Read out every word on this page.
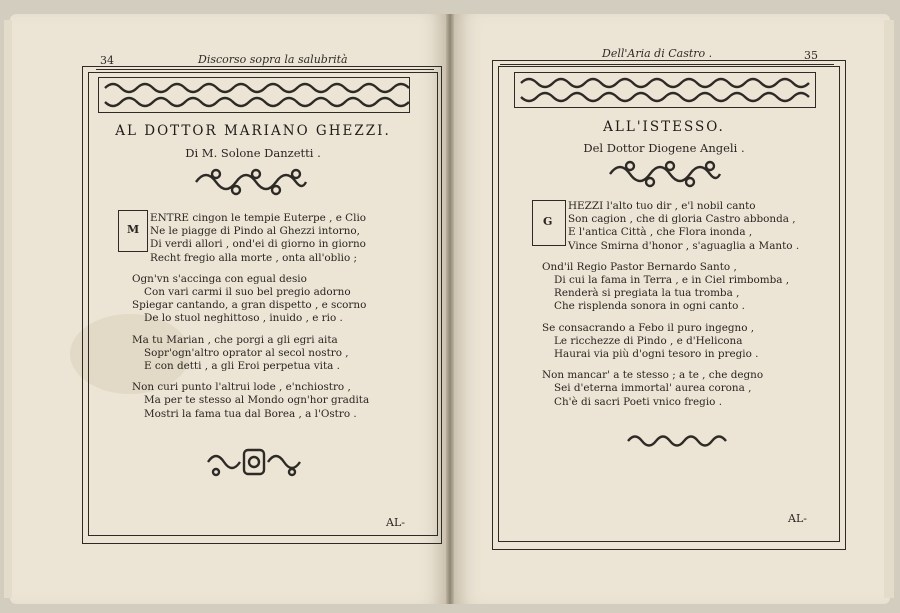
34	Discorso sopra la salubrità
AL DOTTOR MARIANO GHEZZI.
Di M. Solone Danzetti .
M
ENTRE cingon le tempie Euterpe , e Clio
Ne le piagge di Pindo al Ghezzi intorno,
Di verdi allori , ond'ei di giorno in giorno
Recht fregio alla morte , onta all'oblio ;
Ogn'vn s'accinga con egual desio
Con vari carmi il suo bel pregio adorno
Spiegar cantando, a gran dispetto , e scorno
De lo stuol neghittoso , inuido , e rio .
Ma tu Marian , che porgi a gli egri aita
Sopr'ogn'altro oprator al secol nostro ,
E con detti , a gli Eroi perpetua vita .
Non curi punto l'altrui lode , e'nchiostro ,
Ma per te stesso al Mondo ogn'hor gradita
Mostri la fama tua dal Borea , a l'Ostro .
AL-
Dell'Aria di Castro .	35
ALL'ISTESSO.
Del Dottor Diogene Angeli .
G
HEZZI l'alto tuo dir , e'l nobil canto
Son cagion , che di gloria Castro abbonda ,
E l'antica Città , che Flora inonda ,
Vince Smirna d'honor , s'aguaglia a Manto .
Ond'il Regio Pastor Bernardo Santo ,
Di cui la fama in Terra , e in Ciel rimbomba ,
Renderà si pregiata la tua tromba ,
Che risplenda sonora in ogni canto .
Se consacrando a Febo il puro ingegno ,
Le ricchezze di Pindo , e d'Helicona
Haurai via più d'ogni tesoro in pregio .
Non mancar' a te stesso ; a te , che degno
Sei d'eterna immortal' aurea corona ,
Ch'è di sacri Poeti vnico fregio .
AL-
